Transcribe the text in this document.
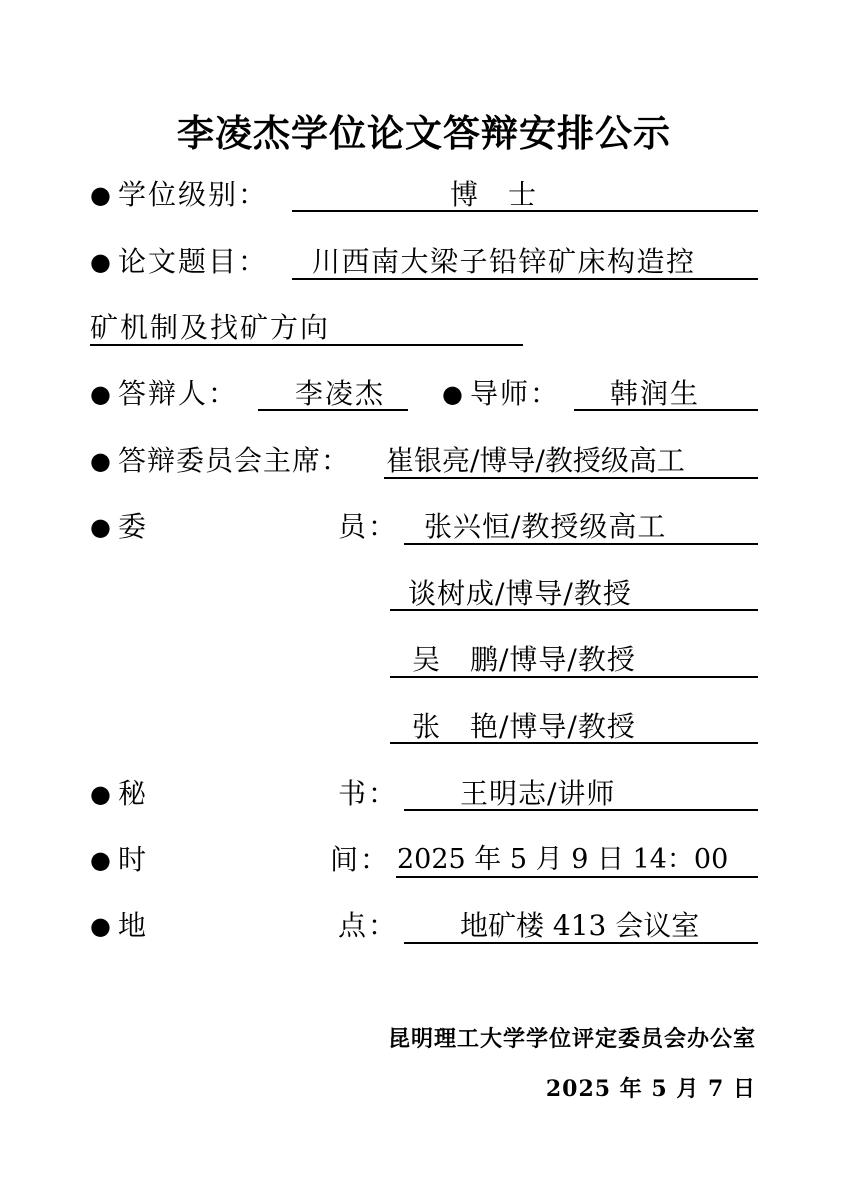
李凌杰学位论文答辩安排公示
● 学位级别：	博　士
● 论文题目： 川西南大梁子铅锌矿床构造控
矿机制及找矿方向
● 答辩人： 李凌杰 ● 导师： 韩润生
● 答辩委员会主席： 崔银亮/博导/教授级高工
● 委	员： 张兴恒/教授级高工
谈树成/博导/教授
吴　鹏/博导/教授
张　艳/博导/教授
● 秘	书： 王明志/讲师
● 时	间： 2025 年 5 月 9 日 14：00
● 地	点： 地矿楼 413 会议室
昆明理工大学学位评定委员会办公室
2025 年 5 月 7 日
